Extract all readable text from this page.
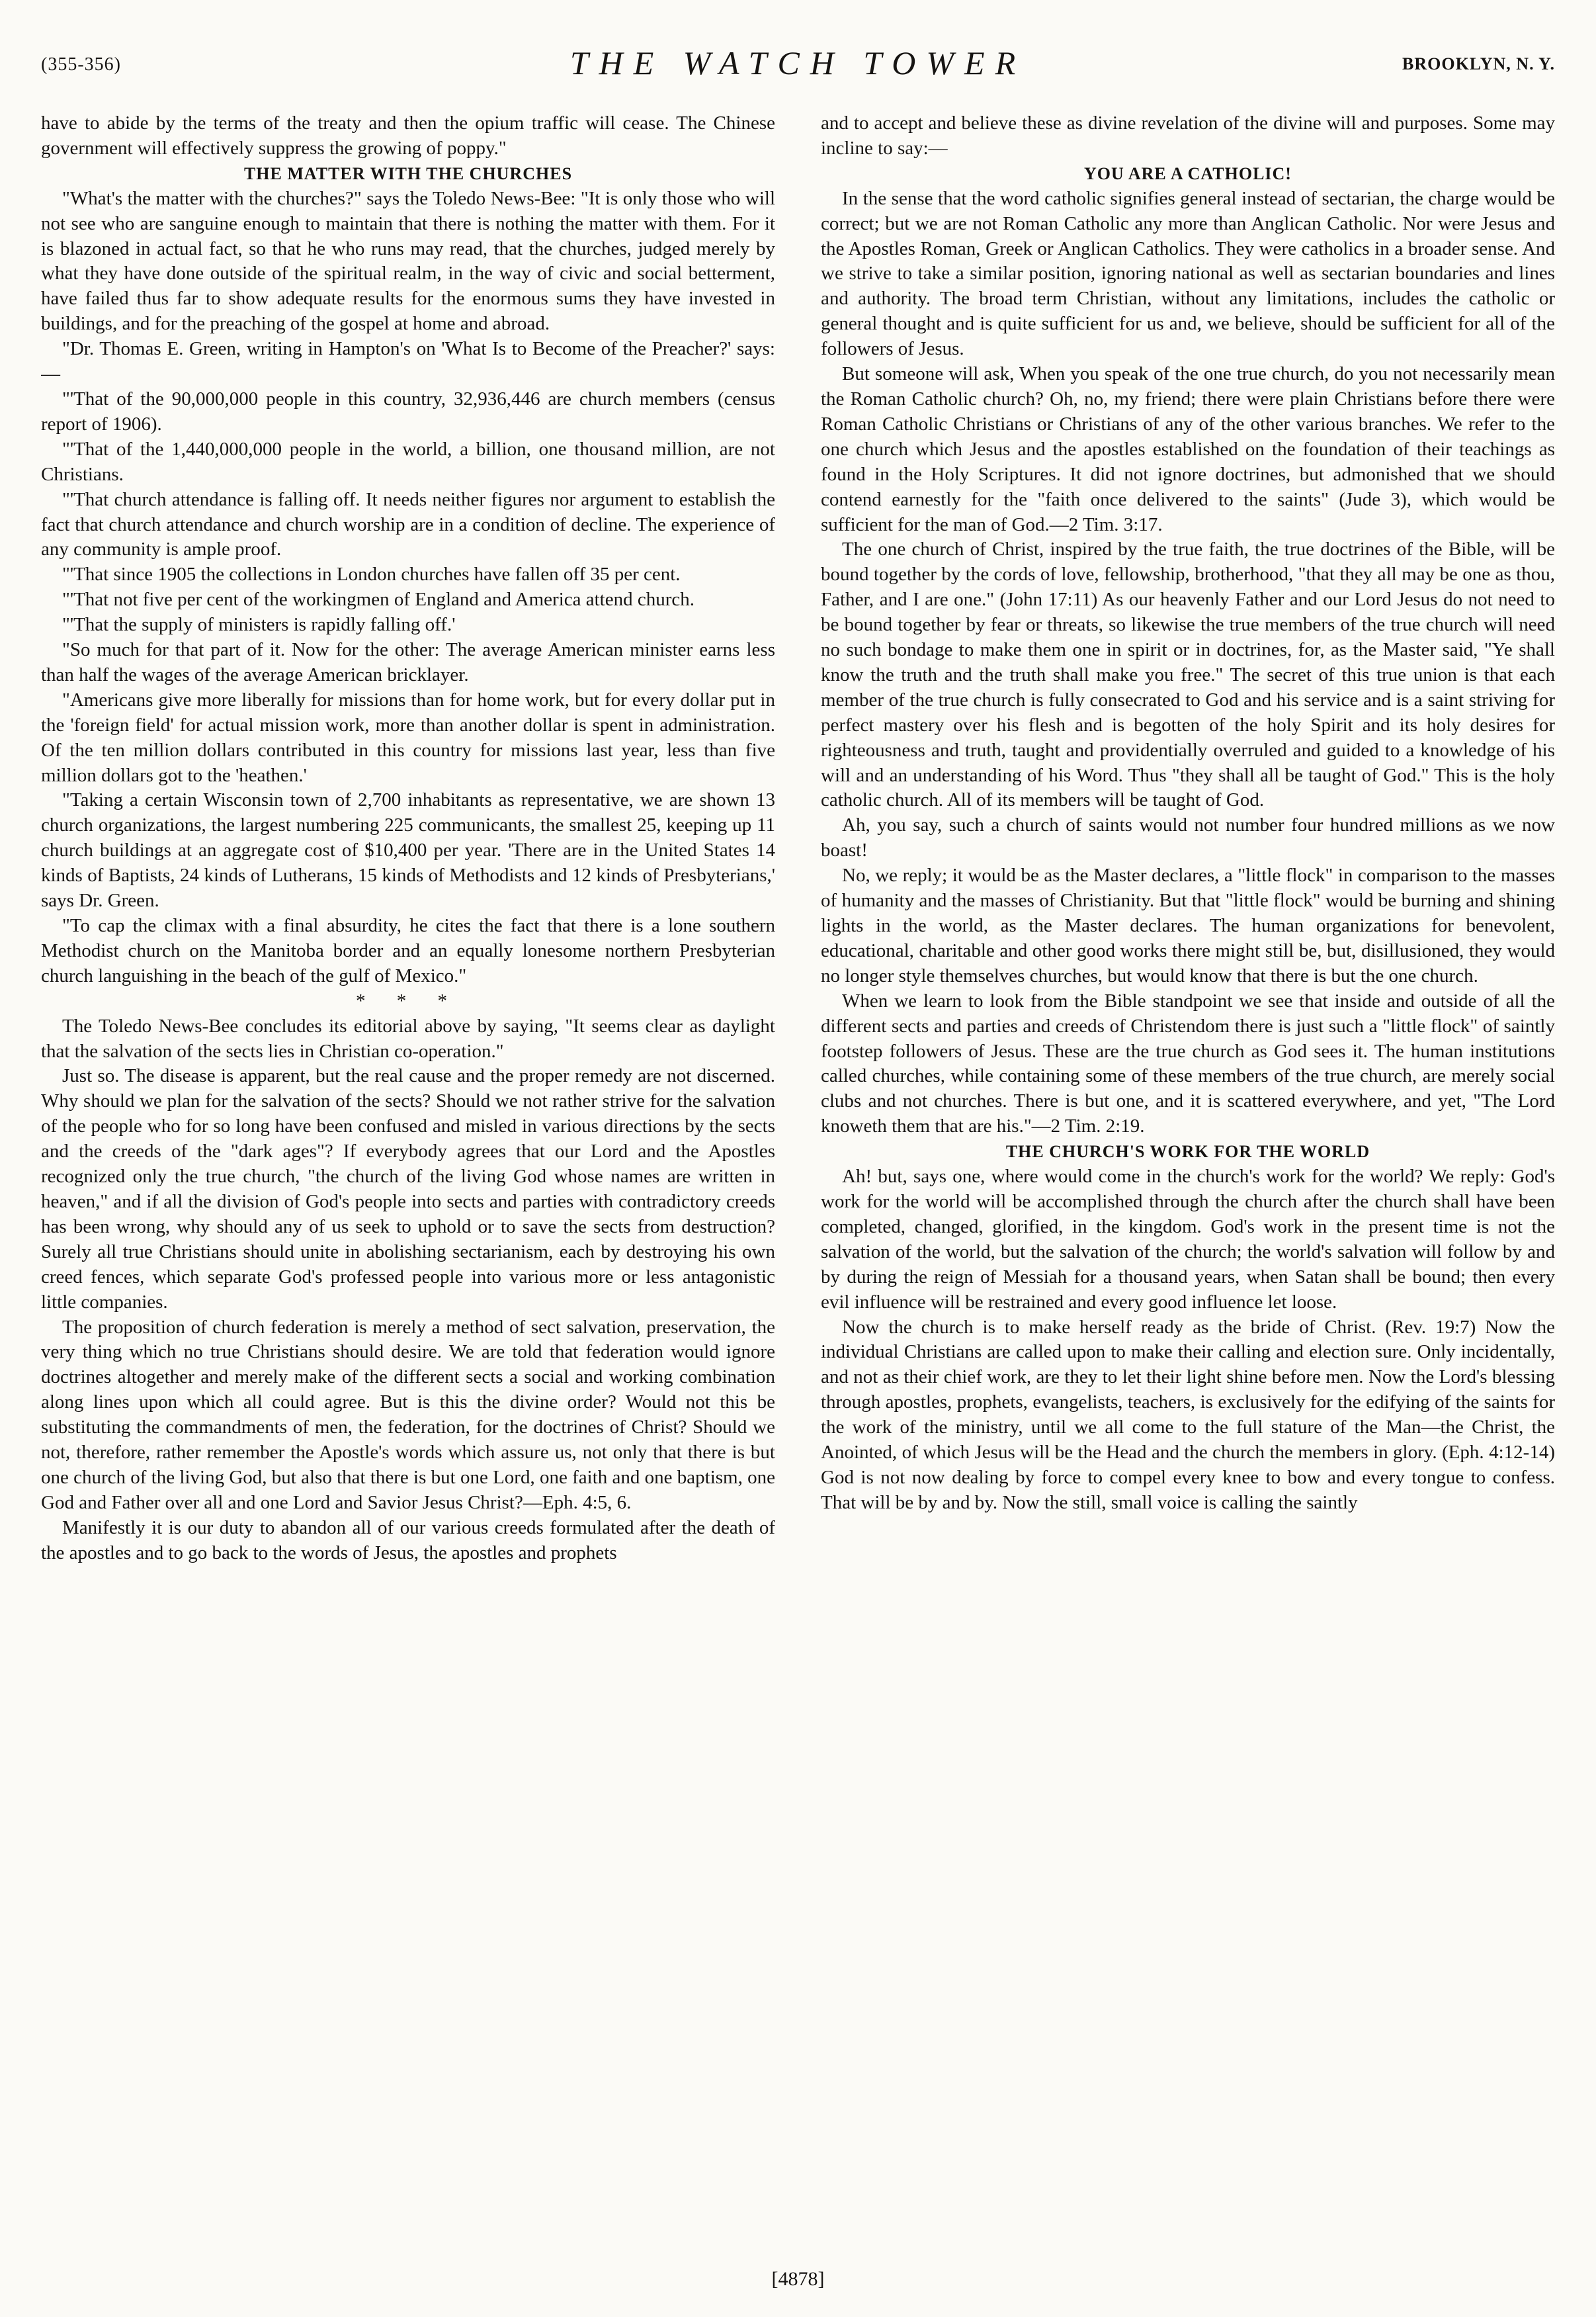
(355-356)	THE WATCH TOWER	BROOKLYN, N. Y.

have to abide by the terms of the treaty and then the opium traffic will cease. The Chinese government will effectively suppress the growing of poppy."

THE MATTER WITH THE CHURCHES

"What's the matter with the churches?" says the Toledo News-Bee: "It is only those who will not see who are sanguine enough to maintain that there is nothing the matter with them. For it is blazoned in actual fact, so that he who runs may read, that the churches, judged merely by what they have done outside of the spiritual realm, in the way of civic and social betterment, have failed thus far to show adequate results for the enormous sums they have invested in buildings, and for the preaching of the gospel at home and abroad.

"Dr. Thomas E. Green, writing in Hampton's on 'What Is to Become of the Preacher?' says:—

"'That of the 90,000,000 people in this country, 32,936,446 are church members (census report of 1906).

"'That of the 1,440,000,000 people in the world, a billion, one thousand million, are not Christians.

"'That church attendance is falling off. It needs neither figures nor argument to establish the fact that church attendance and church worship are in a condition of decline. The experience of any community is ample proof.

"'That since 1905 the collections in London churches have fallen off 35 per cent.

"'That not five per cent of the workingmen of England and America attend church.

"'That the supply of ministers is rapidly falling off.'

"So much for that part of it. Now for the other: The average American minister earns less than half the wages of the average American bricklayer.

"Americans give more liberally for missions than for home work, but for every dollar put in the 'foreign field' for actual mission work, more than another dollar is spent in administration. Of the ten million dollars contributed in this country for missions last year, less than five million dollars got to the 'heathen.'

"Taking a certain Wisconsin town of 2,700 inhabitants as representative, we are shown 13 church organizations, the largest numbering 225 communicants, the smallest 25, keeping up 11 church buildings at an aggregate cost of $10,400 per year. 'There are in the United States 14 kinds of Baptists, 24 kinds of Lutherans, 15 kinds of Methodists and 12 kinds of Presbyterians,' says Dr. Green.

"To cap the climax with a final absurdity, he cites the fact that there is a lone southern Methodist church on the Manitoba border and an equally lonesome northern Presbyterian church languishing in the beach of the gulf of Mexico."

* * *

The Toledo News-Bee concludes its editorial above by saying, "It seems clear as daylight that the salvation of the sects lies in Christian co-operation."

Just so. The disease is apparent, but the real cause and the proper remedy are not discerned. Why should we plan for the salvation of the sects? Should we not rather strive for the salvation of the people who for so long have been confused and misled in various directions by the sects and the creeds of the "dark ages"? If everybody agrees that our Lord and the Apostles recognized only the true church, "the church of the living God whose names are written in heaven," and if all the division of God's people into sects and parties with contradictory creeds has been wrong, why should any of us seek to uphold or to save the sects from destruction? Surely all true Christians should unite in abolishing sectarianism, each by destroying his own creed fences, which separate God's professed people into various more or less antagonistic little companies.

The proposition of church federation is merely a method of sect salvation, preservation, the very thing which no true Christians should desire. We are told that federation would ignore doctrines altogether and merely make of the different sects a social and working combination along lines upon which all could agree. But is this the divine order? Would not this be substituting the commandments of men, the federation, for the doctrines of Christ? Should we not, therefore, rather remember the Apostle's words which assure us, not only that there is but one church of the living God, but also that there is but one Lord, one faith and one baptism, one God and Father over all and one Lord and Savior Jesus Christ?—Eph. 4:5, 6.

Manifestly it is our duty to abandon all of our various creeds formulated after the death of the apostles and to go back to the words of Jesus, the apostles and prophets

and to accept and believe these as divine revelation of the divine will and purposes. Some may incline to say:—

YOU ARE A CATHOLIC!

In the sense that the word catholic signifies general instead of sectarian, the charge would be correct; but we are not Roman Catholic any more than Anglican Catholic. Nor were Jesus and the Apostles Roman, Greek or Anglican Catholics. They were catholics in a broader sense. And we strive to take a similar position, ignoring national as well as sectarian boundaries and lines and authority. The broad term Christian, without any limitations, includes the catholic or general thought and is quite sufficient for us and, we believe, should be sufficient for all of the followers of Jesus.

But someone will ask, When you speak of the one true church, do you not necessarily mean the Roman Catholic church? Oh, no, my friend; there were plain Christians before there were Roman Catholic Christians or Christians of any of the other various branches. We refer to the one church which Jesus and the apostles established on the foundation of their teachings as found in the Holy Scriptures. It did not ignore doctrines, but admonished that we should contend earnestly for the "faith once delivered to the saints" (Jude 3), which would be sufficient for the man of God.—2 Tim. 3:17.

The one church of Christ, inspired by the true faith, the true doctrines of the Bible, will be bound together by the cords of love, fellowship, brotherhood, "that they all may be one as thou, Father, and I are one." (John 17:11) As our heavenly Father and our Lord Jesus do not need to be bound together by fear or threats, so likewise the true members of the true church will need no such bondage to make them one in spirit or in doctrines, for, as the Master said, "Ye shall know the truth and the truth shall make you free." The secret of this true union is that each member of the true church is fully consecrated to God and his service and is a saint striving for perfect mastery over his flesh and is begotten of the holy Spirit and its holy desires for righteousness and truth, taught and providentially overruled and guided to a knowledge of his will and an understanding of his Word. Thus "they shall all be taught of God." This is the holy catholic church. All of its members will be taught of God.

Ah, you say, such a church of saints would not number four hundred millions as we now boast!

No, we reply; it would be as the Master declares, a "little flock" in comparison to the masses of humanity and the masses of Christianity. But that "little flock" would be burning and shining lights in the world, as the Master declares. The human organizations for benevolent, educational, charitable and other good works there might still be, but, disillusioned, they would no longer style themselves churches, but would know that there is but the one church.

When we learn to look from the Bible standpoint we see that inside and outside of all the different sects and parties and creeds of Christendom there is just such a "little flock" of saintly footstep followers of Jesus. These are the true church as God sees it. The human institutions called churches, while containing some of these members of the true church, are merely social clubs and not churches. There is but one, and it is scattered everywhere, and yet, "The Lord knoweth them that are his."—2 Tim. 2:19.

THE CHURCH'S WORK FOR THE WORLD

Ah! but, says one, where would come in the church's work for the world? We reply: God's work for the world will be accomplished through the church after the church shall have been completed, changed, glorified, in the kingdom. God's work in the present time is not the salvation of the world, but the salvation of the church; the world's salvation will follow by and by during the reign of Messiah for a thousand years, when Satan shall be bound; then every evil influence will be restrained and every good influence let loose.

Now the church is to make herself ready as the bride of Christ. (Rev. 19:7) Now the individual Christians are called upon to make their calling and election sure. Only incidentally, and not as their chief work, are they to let their light shine before men. Now the Lord's blessing through apostles, prophets, evangelists, teachers, is exclusively for the edifying of the saints for the work of the ministry, until we all come to the full stature of the Man—the Christ, the Anointed, of which Jesus will be the Head and the church the members in glory. (Eph. 4:12-14) God is not now dealing by force to compel every knee to bow and every tongue to confess. That will be by and by. Now the still, small voice is calling the saintly

[4878]
